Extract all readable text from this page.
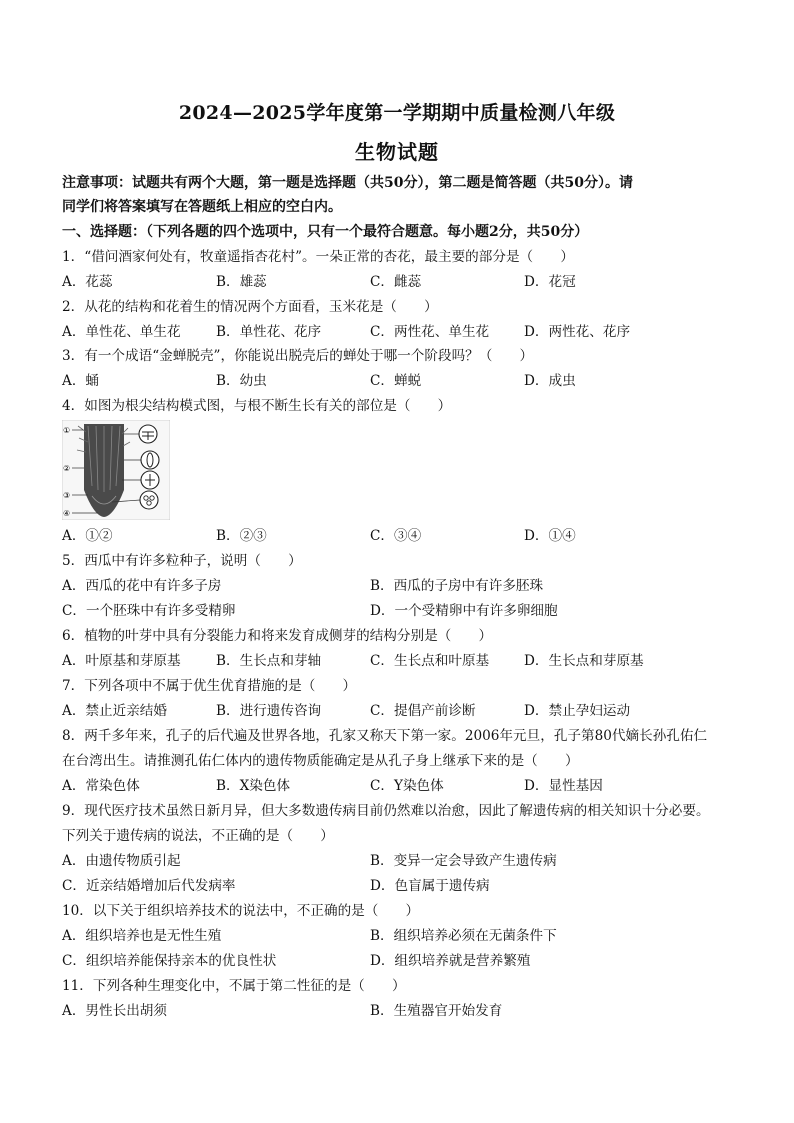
2024—2025学年度第一学期期中质量检测八年级
生物试题
注意事项：试题共有两个大题，第一题是选择题（共50分），第二题是简答题（共50分）。请
同学们将答案填写在答题纸上相应的空白内。
一、选择题：（下列各题的四个选项中，只有一个最符合题意。每小题2分，共50分）
1．“借问酒家何处有，牧童遥指杏花村”。一朵正常的杏花，最主要的部分是（　　）
A．花蕊	B．雄蕊	C．雌蕊	D．花冠
2．从花的结构和花着生的情况两个方面看，玉米花是（　　）
A．单性花、单生花	B．单性花、花序	C．两性花、单生花	D．两性花、花序
3．有一个成语“金蝉脱壳”，你能说出脱壳后的蝉处于哪一个阶段吗？（　　）
A．蛹	B．幼虫	C．蝉蜕	D．成虫
4．如图为根尖结构模式图，与根不断生长有关的部位是（　　）
①
②
③
④
A．①②	B．②③	C．③④	D．①④
5．西瓜中有许多粒种子，说明（　　）
A．西瓜的花中有许多子房	B．西瓜的子房中有许多胚珠
C．一个胚珠中有许多受精卵	D．一个受精卵中有许多卵细胞
6．植物的叶芽中具有分裂能力和将来发育成侧芽的结构分别是（　　）
A．叶原基和芽原基	B．生长点和芽轴	C．生长点和叶原基	D．生长点和芽原基
7．下列各项中不属于优生优育措施的是（　　）
A．禁止近亲结婚	B．进行遗传咨询	C．提倡产前诊断	D．禁止孕妇运动
8．两千多年来，孔子的后代遍及世界各地，孔家又称天下第一家。2006年元旦，孔子第80代嫡长孙孔佑仁
在台湾出生。请推测孔佑仁体内的遗传物质能确定是从孔子身上继承下来的是（　　）
A．常染色体	B．X染色体	C．Y染色体	D．显性基因
9．现代医疗技术虽然日新月异，但大多数遗传病目前仍然难以治愈，因此了解遗传病的相关知识十分必要。
下列关于遗传病的说法，不正确的是（　　）
A．由遗传物质引起	B．变异一定会导致产生遗传病
C．近亲结婚增加后代发病率	D．色盲属于遗传病
10．以下关于组织培养技术的说法中，不正确的是（　　）
A．组织培养也是无性生殖	B．组织培养必须在无菌条件下
C．组织培养能保持亲本的优良性状	D．组织培养就是营养繁殖
11．下列各种生理变化中，不属于第二性征的是（　　）
A．男性长出胡须	B．生殖器官开始发育
